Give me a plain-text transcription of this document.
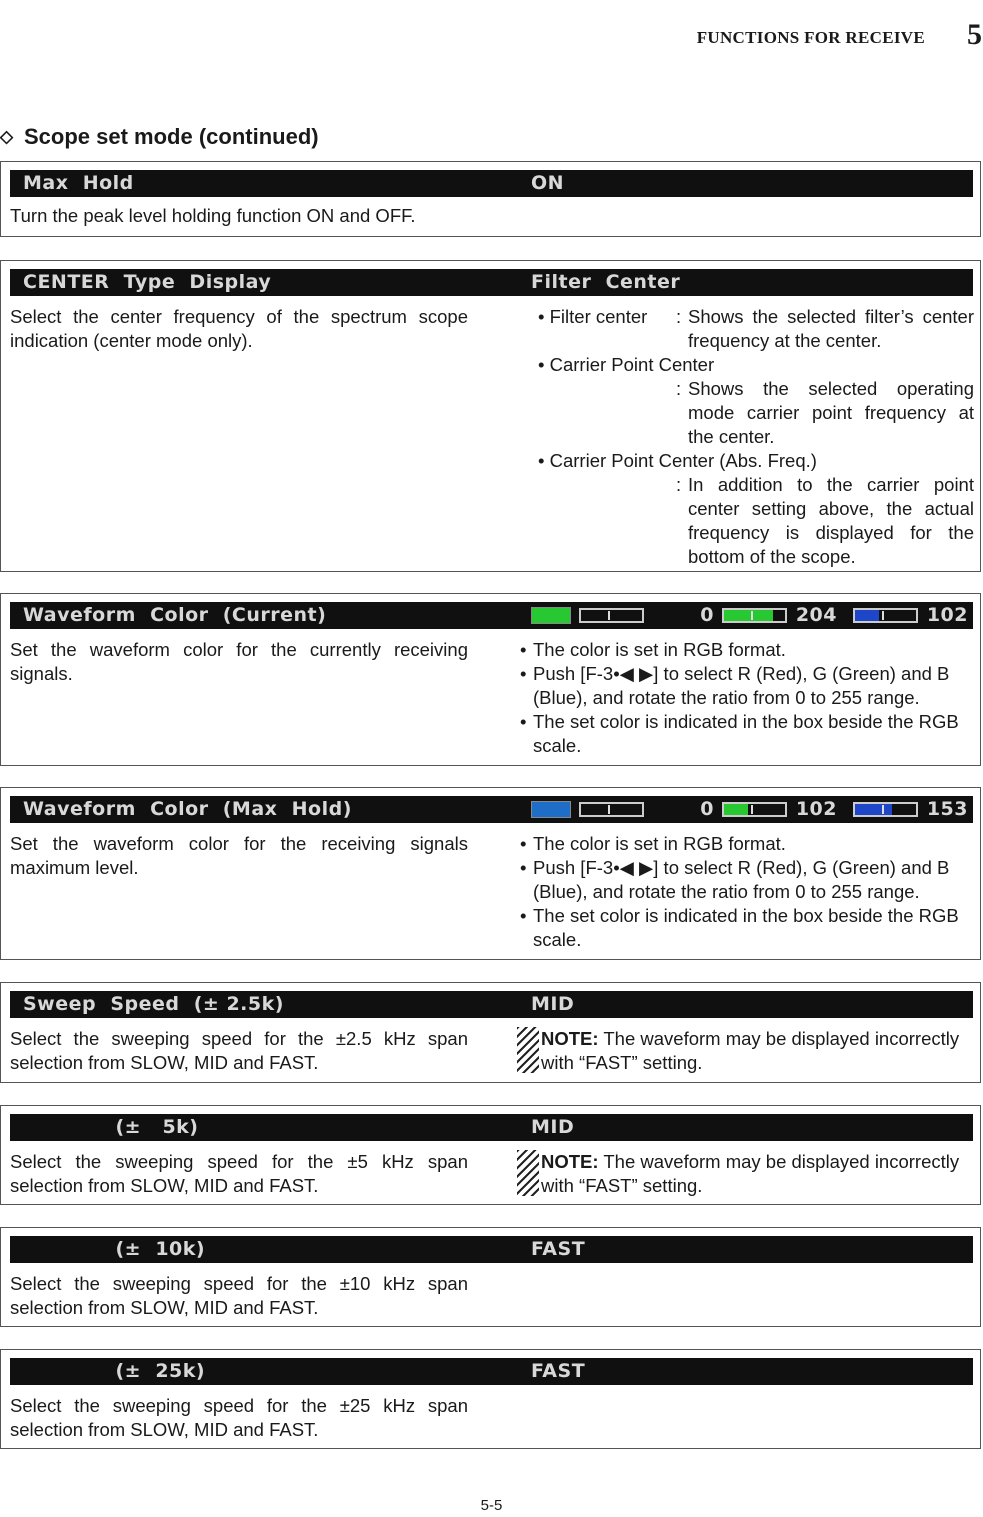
FUNCTIONS FOR RECEIVE 5
◇ Scope set mode (continued)
Max  Hold	ON
Turn the peak level holding function ON and OFF.
CENTER  Type  Display	Filter  Center
Select the center frequency of the spectrum scope indication (center mode only).
• Filter center	: Shows the selected filter’s center frequency at the center.
• Carrier Point Center
: Shows the selected operating mode carrier point frequency at the center.
• Carrier Point Center (Abs. Freq.)
: In addition to the carrier point center setting above, the actual frequency is displayed for the bottom of the scope.
Waveform  Color  (Current)	0	204	102
Set the waveform color for the currently receiving signals.
• The color is set in RGB format.
• Push [F-3•◀ ▶] to select R (Red), G (Green) and B (Blue), and rotate the ratio from 0 to 255 range.
• The set color is indicated in the box beside the RGB scale.
Waveform  Color  (Max  Hold)	0	102	153
Set the waveform color for the receiving signals maximum level.
• The color is set in RGB format.
• Push [F-3•◀ ▶] to select R (Red), G (Green) and B (Blue), and rotate the ratio from 0 to 255 range.
• The set color is indicated in the box beside the RGB scale.
Sweep  Speed  (± 2.5k)	MID
Select the sweeping speed for the ±2.5 kHz span selection from SLOW, MID and FAST.
NOTE: The waveform may be displayed incorrectly with “FAST” setting.
(±   5k)	MID
Select the sweeping speed for the ±5 kHz span selection from SLOW, MID and FAST.
NOTE: The waveform may be displayed incorrectly with “FAST” setting.
(±  10k)	FAST
Select the sweeping speed for the ±10 kHz span selection from SLOW, MID and FAST.
(±  25k)	FAST
Select the sweeping speed for the ±25 kHz span selection from SLOW, MID and FAST.
5-5
